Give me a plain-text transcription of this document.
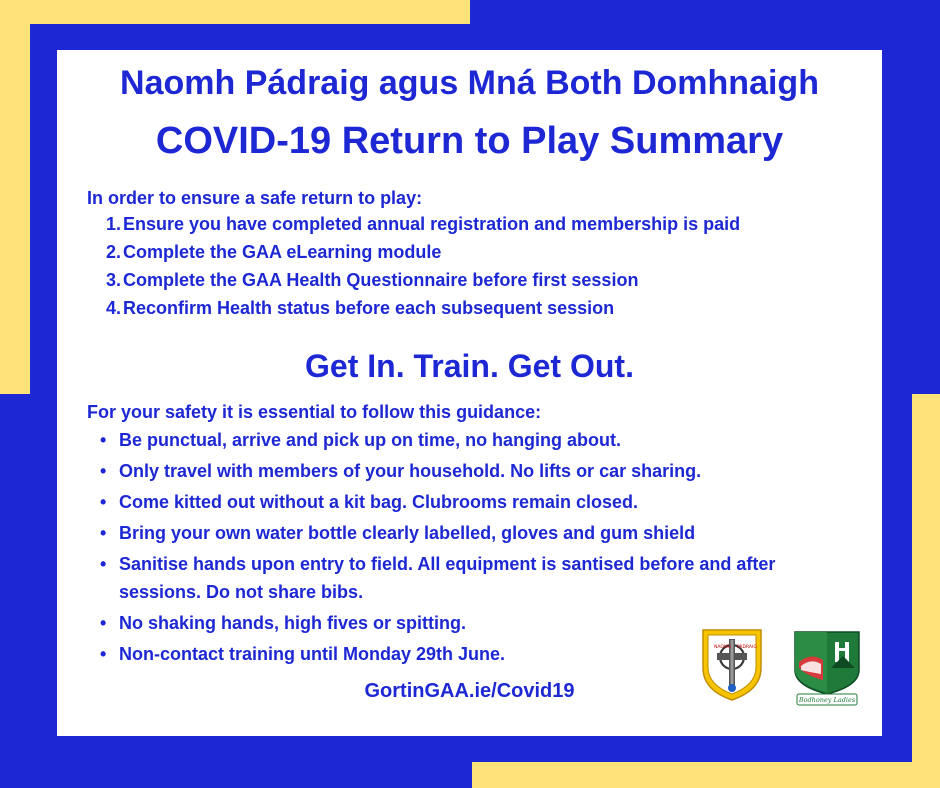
Naomh Pádraig agus Mná Both Domhnaigh
COVID-19 Return to Play Summary
In order to ensure a safe return to play:
1. Ensure you have completed annual registration and membership is paid
2. Complete the GAA eLearning module
3. Complete the GAA Health Questionnaire before first session
4. Reconfirm Health status before each subsequent session
Get In. Train. Get Out.
For your safety it is essential to follow this guidance:
• Be punctual, arrive and pick up on time, no hanging about.
• Only travel with members of your household. No lifts or car sharing.
• Come kitted out without a kit bag. Clubrooms remain closed.
• Bring your own water bottle clearly labelled, gloves and gum shield
• Sanitise hands upon entry to field. All equipment is santised before and after sessions. Do not share bibs.
• No shaking hands, high fives or spitting.
• Non-contact training until Monday 29th June.
GortinGAA.ie/Covid19
NAOMH PÁDRAIG
Bodhoney Ladies
